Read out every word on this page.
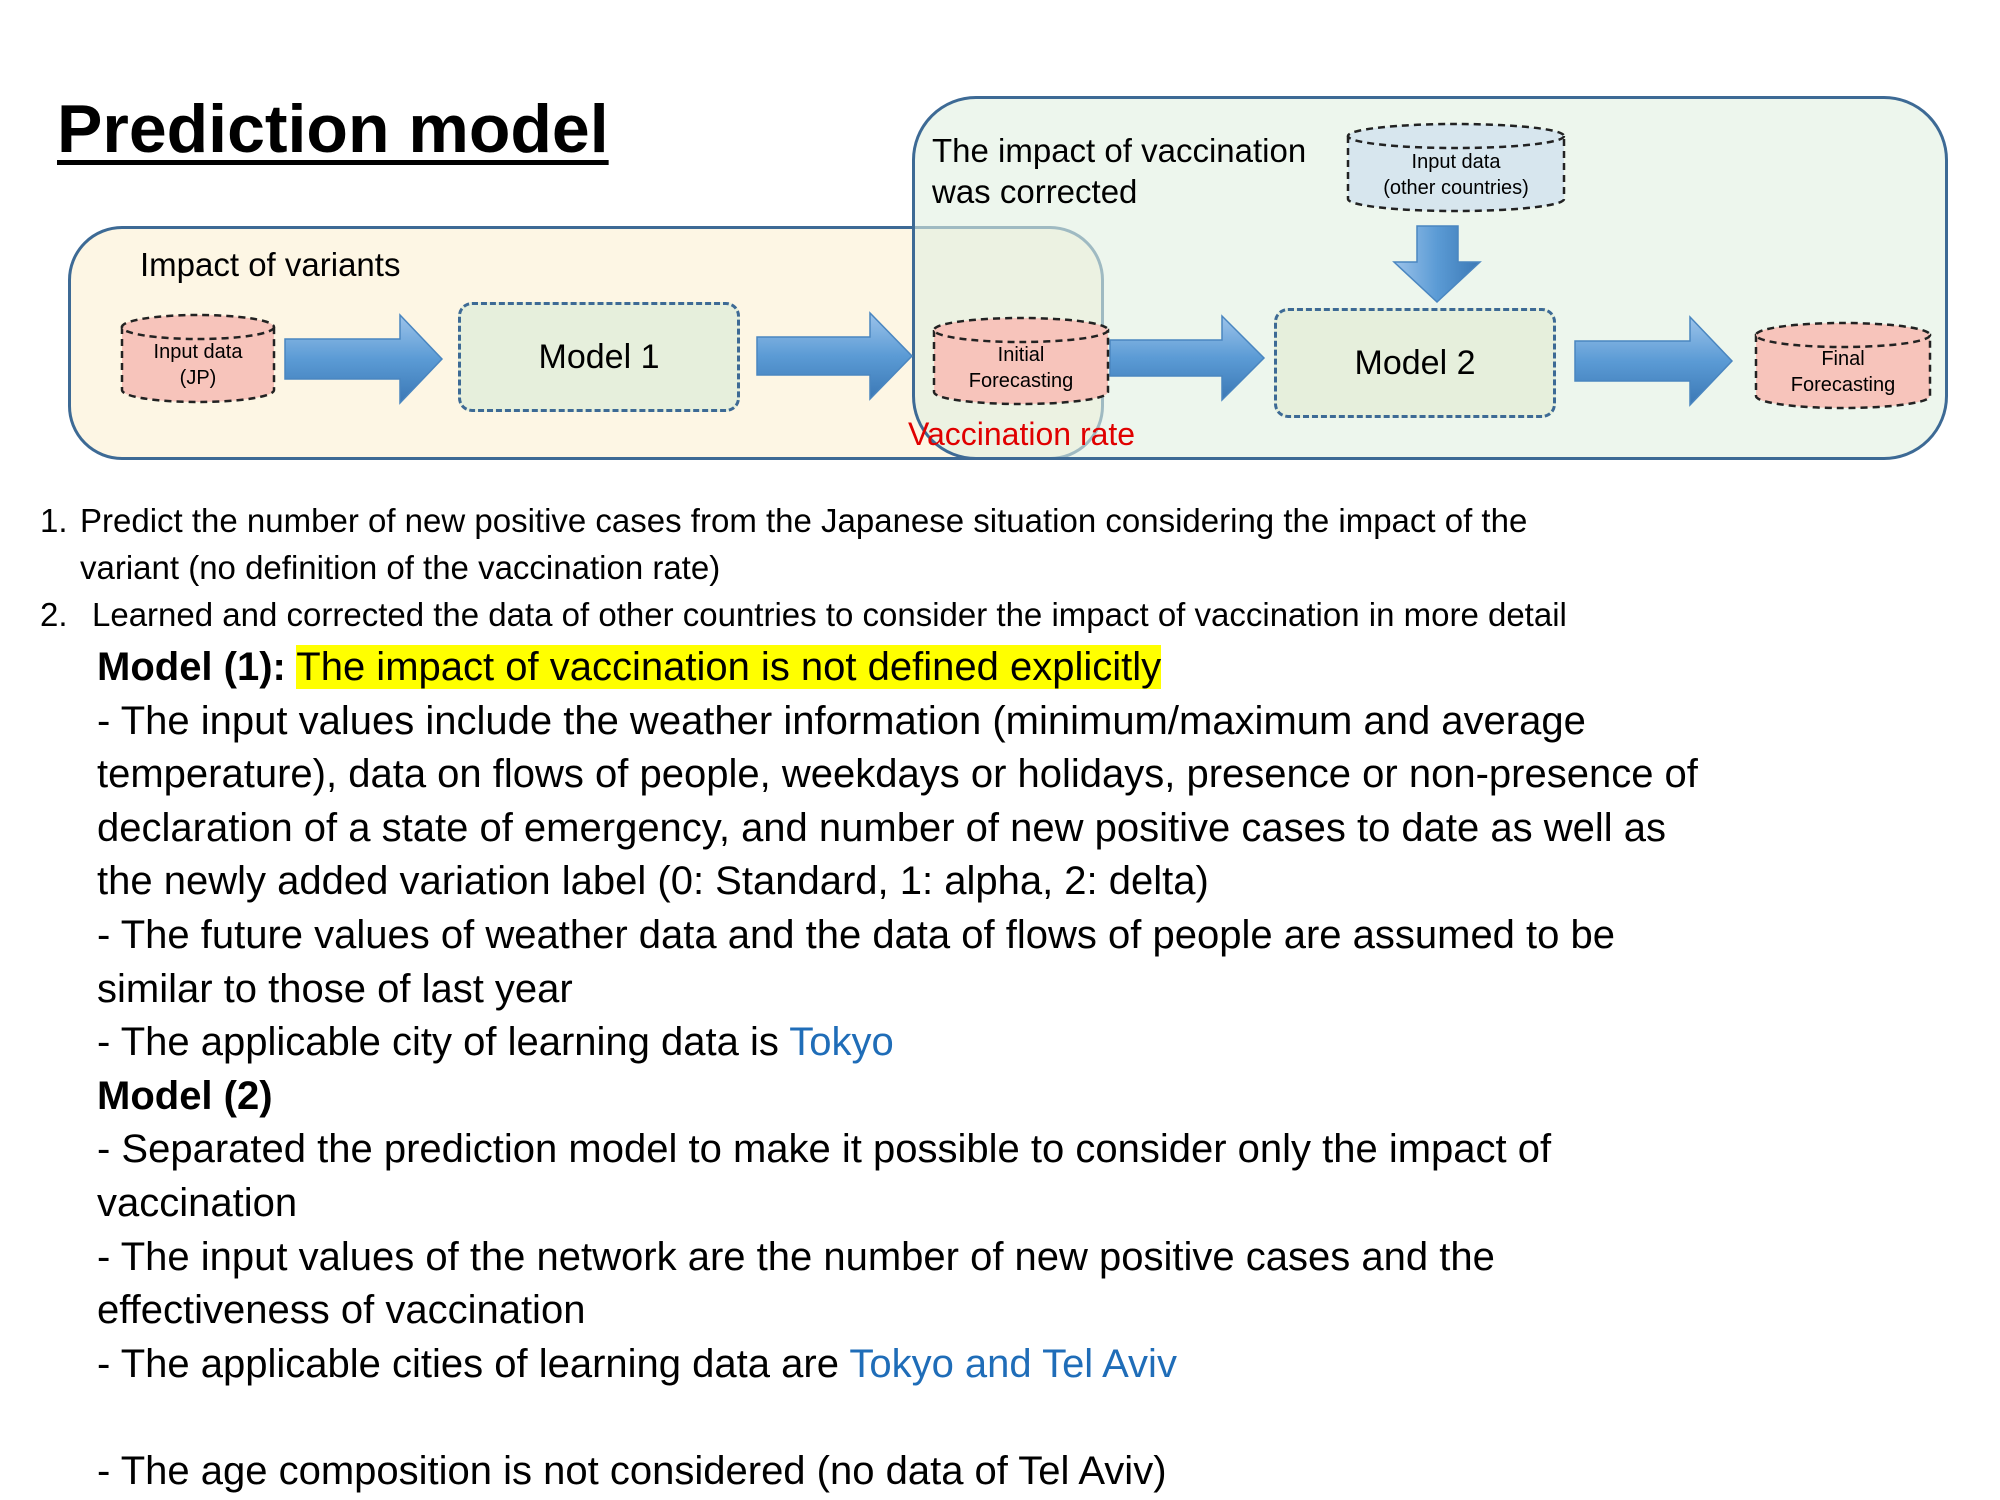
Prediction model
Impact of variants
The impact of vaccination
was corrected
Input data
(JP)
Initial
Forecasting
Final
Forecasting
Input data
(other countries)
Model 1	Model 2
Vaccination rate
1. Predict the number of new positive cases from the Japanese situation considering the impact of the
variant (no definition of the vaccination rate)
2. Learned and corrected the data of other countries to consider the impact of vaccination in more detail
Model (1): The impact of vaccination is not defined explicitly
- The input values include the weather information (minimum/maximum and average
temperature), data on flows of people, weekdays or holidays, presence or non-presence of
declaration of a state of emergency, and number of new positive cases to date as well as
the newly added variation label (0: Standard, 1: alpha, 2: delta)
- The future values of weather data and the data of flows of people are assumed to be
similar to those of last year
- The applicable city of learning data is Tokyo
Model (2)
- Separated the prediction model to make it possible to consider only the impact of
vaccination
- The input values of the network are the number of new positive cases and the
effectiveness of vaccination
- The applicable cities of learning data are Tokyo and Tel Aviv
- The age composition is not considered (no data of Tel Aviv)
